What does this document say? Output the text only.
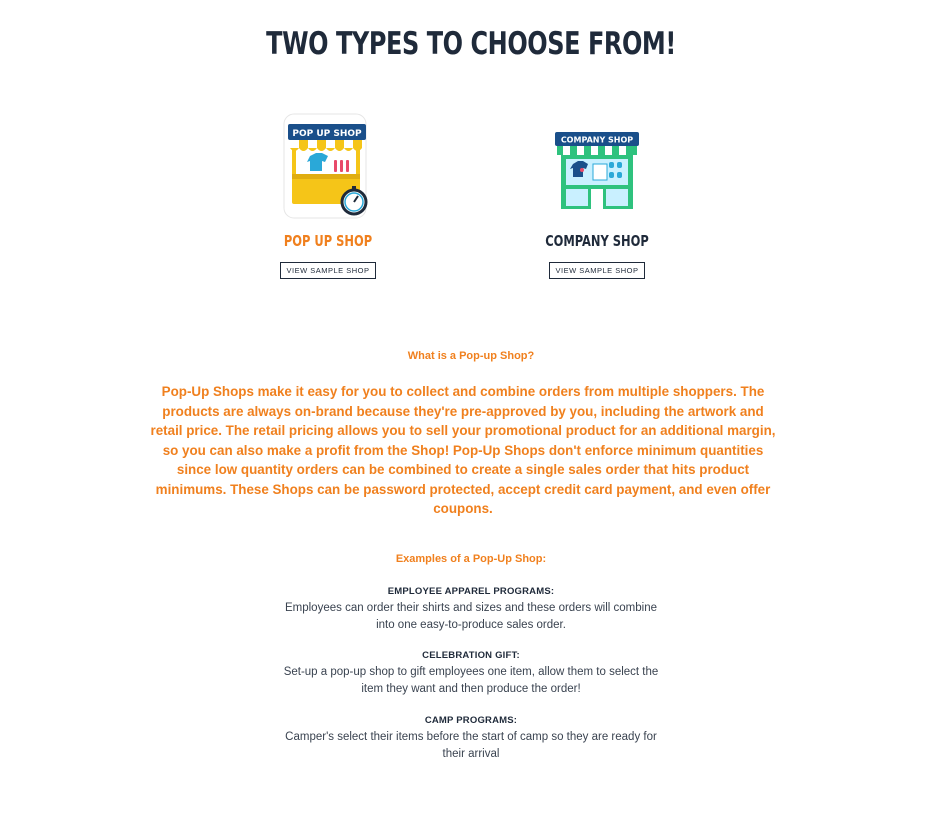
TWO TYPES TO CHOOSE FROM!
POP UP SHOP
POP UP SHOP
VIEW SAMPLE SHOP
COMPANY SHOP
COMPANY SHOP
VIEW SAMPLE SHOP
What is a Pop-up Shop?

Pop-Up Shops make it easy for you to collect and combine orders from multiple shoppers. The products are always on-brand because they're pre-approved by you, including the artwork and retail price. The retail pricing allows you to sell your promotional product for an additional margin, so you can also make a profit from the Shop! Pop-Up Shops don't enforce minimum quantities since low quantity orders can be combined to create a single sales order that hits product minimums. These Shops can be password protected, accept credit card payment, and even offer coupons.

Examples of a Pop-Up Shop:
EMPLOYEE APPAREL PROGRAMS:
Employees can order their shirts and sizes and these orders will combine into one easy-to-produce sales order.
CELEBRATION GIFT:
Set-up a pop-up shop to gift employees one item, allow them to select the item they want and then produce the order!
CAMP PROGRAMS:
Camper's select their items before the start of camp so they are ready for their arrival
